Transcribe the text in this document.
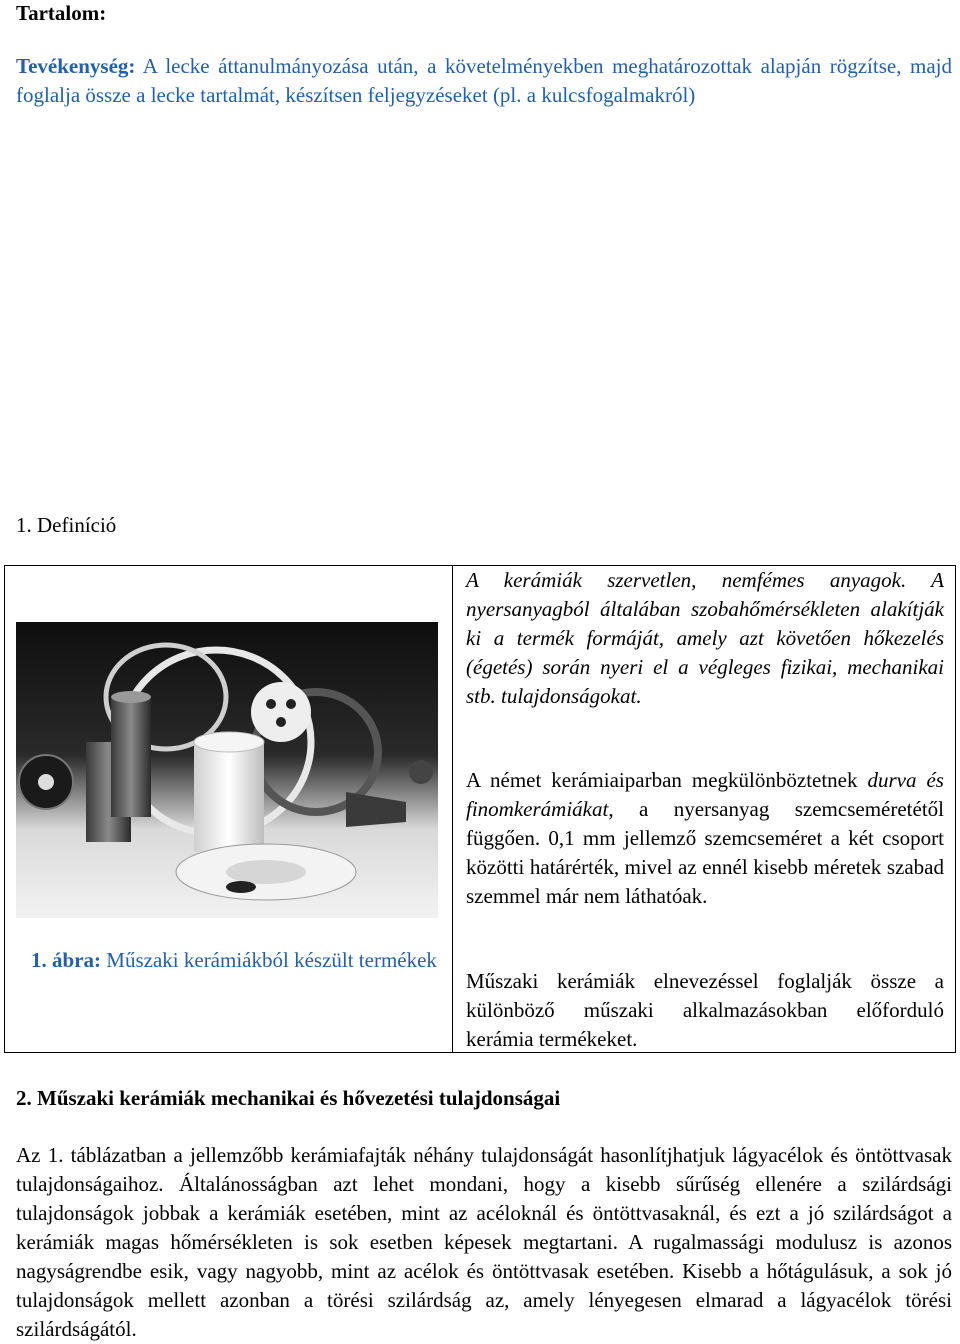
Tartalom:
Tevékenység: A lecke áttanulmányozása után, a követelményekben meghatározottak alapján rögzítse, majd foglalja össze a lecke tartalmát, készítsen feljegyzéseket (pl. a kulcsfogalmakról)
1. Definíció
1. ábra: Műszaki kerámiákból készült termékek
A kerámiák szervetlen, nemfémes anyagok. A nyersanyagból általában szobahőmérsékleten alakítják ki a termék formáját, amely azt követően hőkezelés (égetés) során nyeri el a végleges fizikai, mechanikai stb. tulajdonságokat.
A német kerámiaiparban megkülönböztetnek durva és finomkerámiákat, a nyersanyag szemcseméretétől függően. 0,1 mm jellemző szemcseméret a két csoport közötti határérték, mivel az ennél kisebb méretek szabad szemmel már nem láthatóak.
Műszaki kerámiák elnevezéssel foglalják össze a különböző műszaki alkalmazásokban előforduló kerámia termékeket.
2. Műszaki kerámiák mechanikai és hővezetési tulajdonságai
Az 1. táblázatban a jellemzőbb kerámiafajták néhány tulajdonságát hasonlítjhatjuk lágyacélok és öntöttvasak tulajdonságaihoz. Általánosságban azt lehet mondani, hogy a kisebb sűrűség ellenére a szilárdsági tulajdonságok jobbak a kerámiák esetében, mint az acéloknál és öntöttvasaknál, és ezt a jó szilárdságot a kerámiák magas hőmérsékleten is sok esetben képesek megtartani. A rugalmassági modulusz is azonos nagyságrendbe esik, vagy nagyobb, mint az acélok és öntöttvasak esetében. Kisebb a hőtágulásuk, a sok jó tulajdonságok mellett azonban a törési szilárdság az, amely lényegesen elmarad a lágyacélok törési szilárdságától.
